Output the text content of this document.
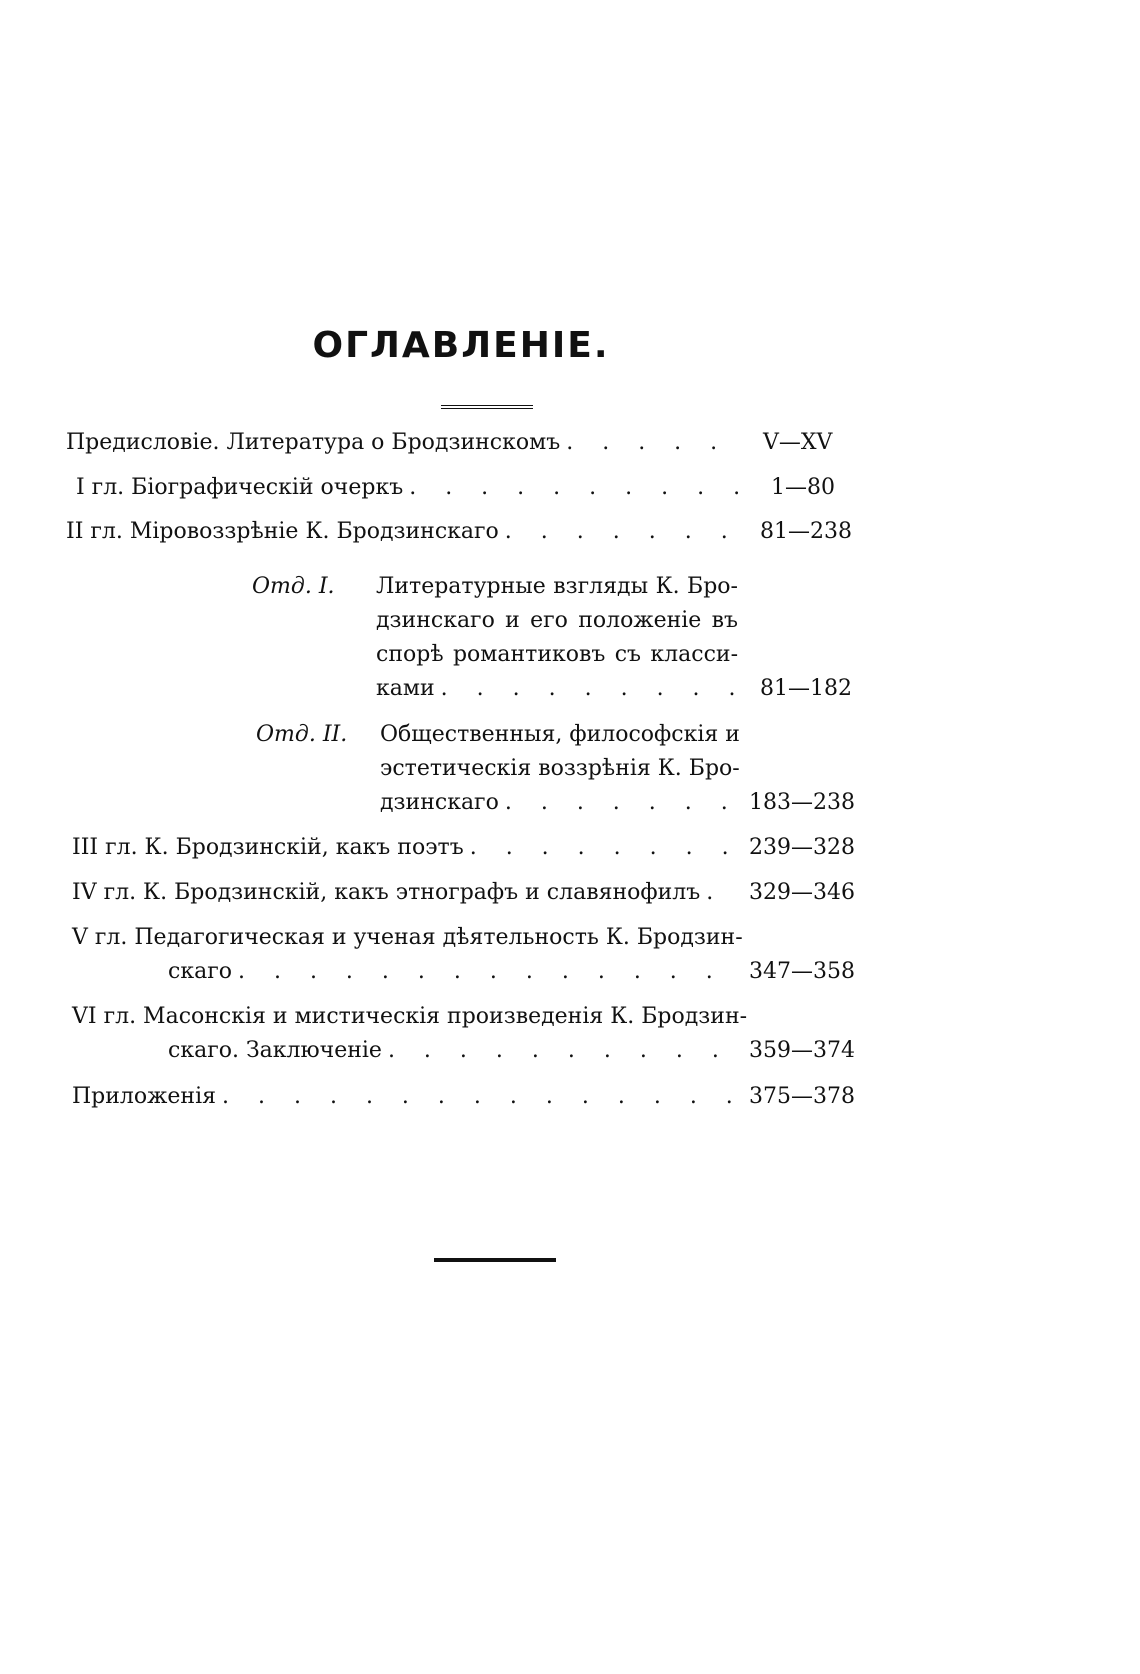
ОГЛАВЛЕНIЕ.
Предисловіе. Литература о Бродзинскомъ . . .	V—XV
I гл. Біографическій очеркъ . . .	1—80
II гл. Міровоззрѣніе К. Бродзинскаго . . .	81—238
Отд. I. Литературные взгляды К. Бро-
дзинскаго и его положеніе въ
спорѣ романтиковъ съ класси-
ками . . .	81—182
Отд. II. Общественныя, философскія и
эстетическія воззрѣнія К. Бро-
дзинскаго . . .	183—238
III гл. К. Бродзинскій, какъ поэтъ . . .	239—328
IV гл. К. Бродзинскій, какъ этнографъ и славянофилъ . . . 329—346
V гл. Педагогическая и ученая дѣятельность К. Бродзин-
скаго . . .	347—358
VI гл. Масонскія и мистическія произведенія К. Бродзин-
скаго. Заключеніе . . .	359—374
Приложенія . . .	375—378
